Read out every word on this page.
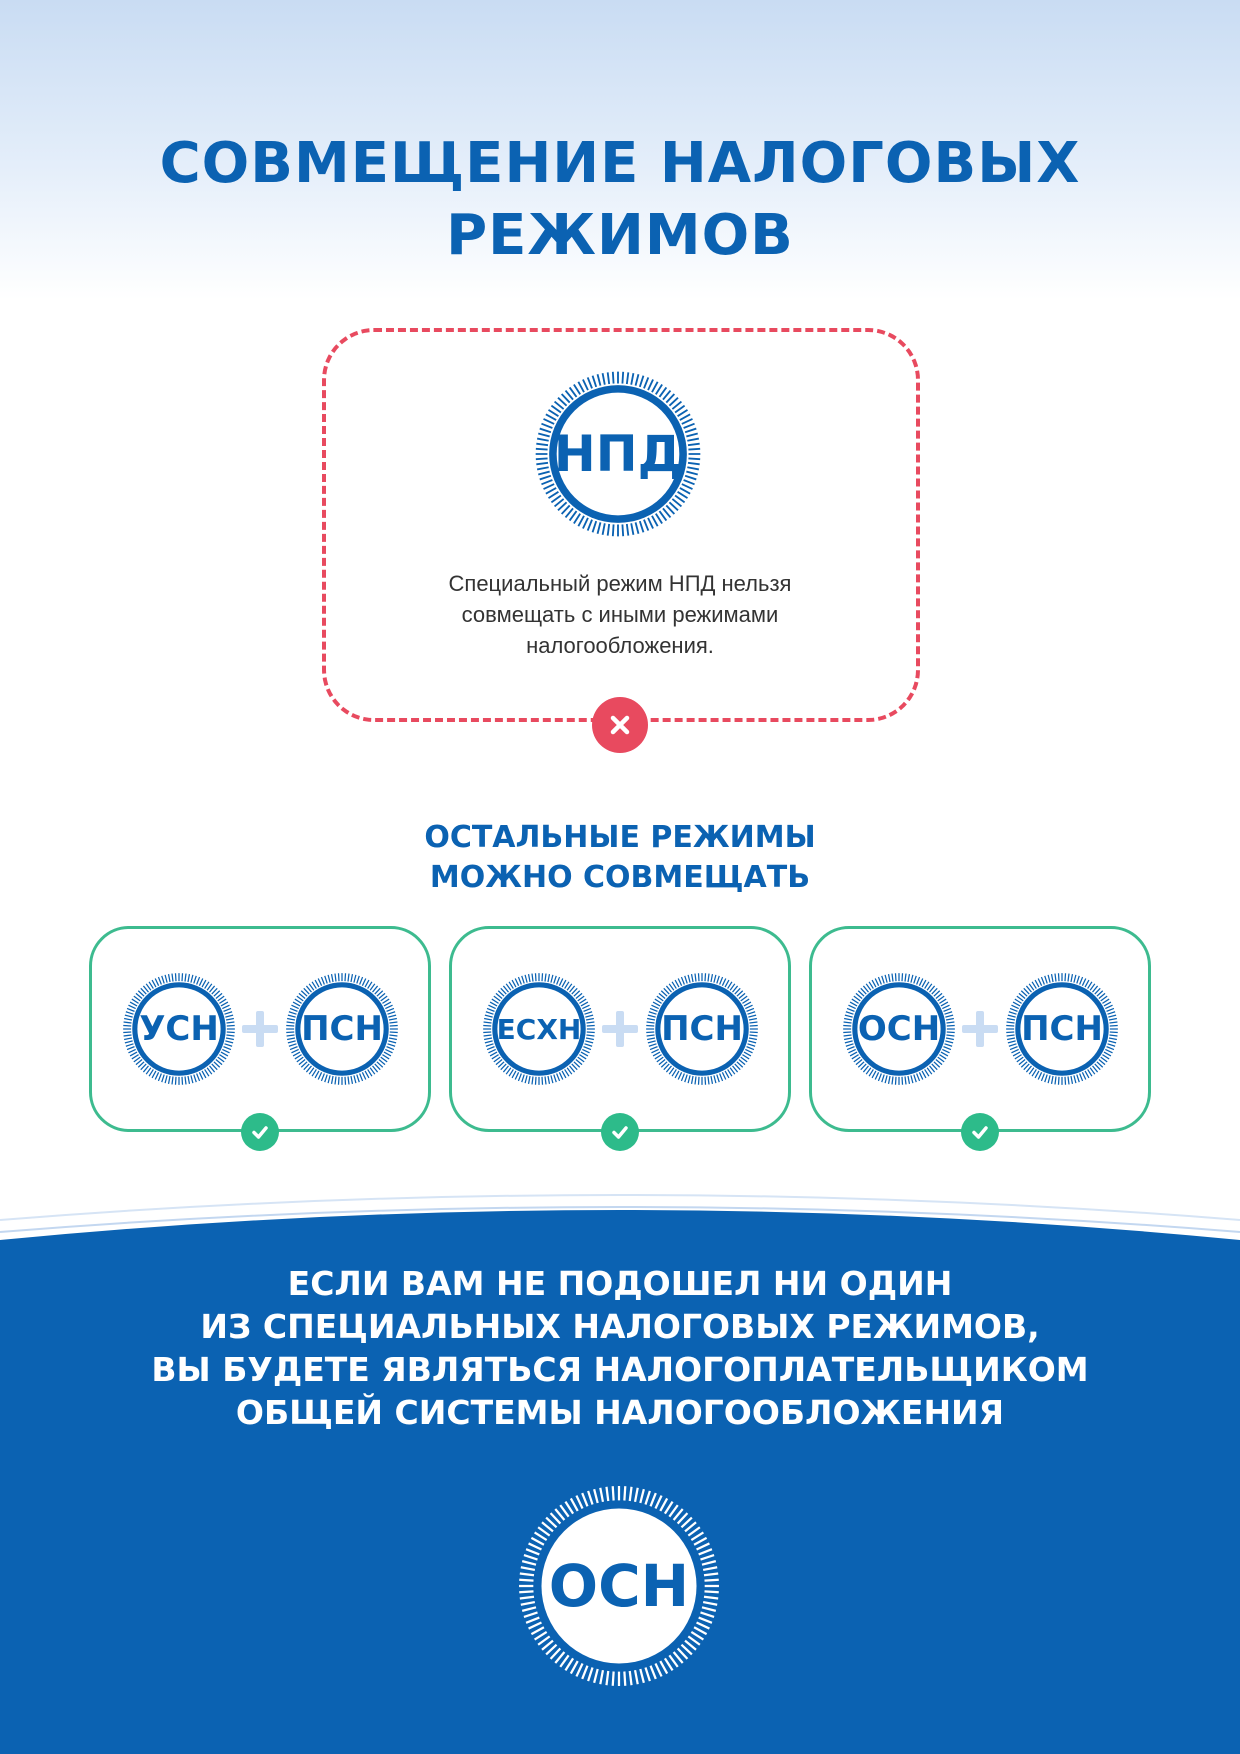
СОВМЕЩЕНИЕ НАЛОГОВЫХ
РЕЖИМОВ
НПД

Специальный режим НПД нельзя
совмещать с иными режимами
налогообложения.

ОСТАЛЬНЫЕ РЕЖИМЫ
МОЖНО СОВМЕЩАТЬ
УСН	ПСН	ЕСХН	ПСН	ОСН	ПСН
ЕСЛИ ВАМ НЕ ПОДОШЕЛ НИ ОДИН
ИЗ СПЕЦИАЛЬНЫХ НАЛОГОВЫХ РЕЖИМОВ,
ВЫ БУДЕТЕ ЯВЛЯТЬСЯ НАЛОГОПЛАТЕЛЬЩИКОМ
ОБЩЕЙ СИСТЕМЫ НАЛОГООБЛОЖЕНИЯ
ОСН
